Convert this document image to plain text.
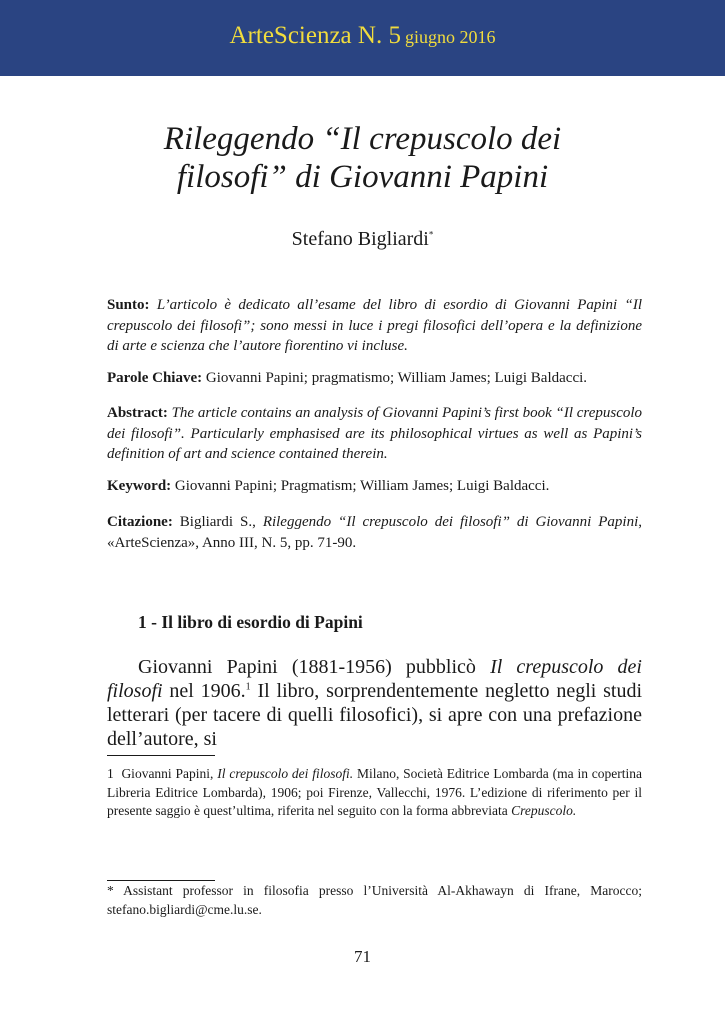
ArteScienza N. 5 giugno 2016
Rileggendo “Il crepuscolo dei
filosofi” di Giovanni Papini
Stefano Bigliardi*
Sunto: L’articolo è dedicato all’esame del libro di esordio di Giovanni Papini “Il crepuscolo dei filosofi”; sono messi in luce i pregi filosofici dell’opera e la definizione di arte e scienza che l’autore fiorentino vi incluse.
Parole Chiave: Giovanni Papini; pragmatismo; William James; Luigi Baldacci.
Abstract: The article contains an analysis of Giovanni Papini’s first book “Il crepuscolo dei filosofi”. Particularly emphasised are its philosophical virtues as well as Papini’s definition of art and science contained therein.
Keyword: Giovanni Papini; Pragmatism; William James; Luigi Baldacci.
Citazione: Bigliardi S., Rileggendo “Il crepuscolo dei filosofi” di Giovanni Papini, «ArteScienza», Anno III, N. 5, pp. 71-90.
1 - Il libro di esordio di Papini
Giovanni Papini (1881-1956) pubblicò Il crepuscolo dei filosofi nel 1906.$^1$ Il libro, sorprendentemente negletto negli studi letterari (per tacere di quelli filosofici), si apre con una prefazione dell’autore, si
1 Giovanni Papini, Il crepuscolo dei filosofi. Milano, Società Editrice Lombarda (ma in copertina Libreria Editrice Lombarda), 1906; poi Firenze, Vallecchi, 1976. L’edizione di riferimento per il presente saggio è quest’ultima, riferita nel seguito con la forma abbreviata Crepuscolo.
* Assistant professor in filosofia presso l’Università Al-Akhawayn di Ifrane, Marocco; stefano.bigliardi@cme.lu.se.
71
